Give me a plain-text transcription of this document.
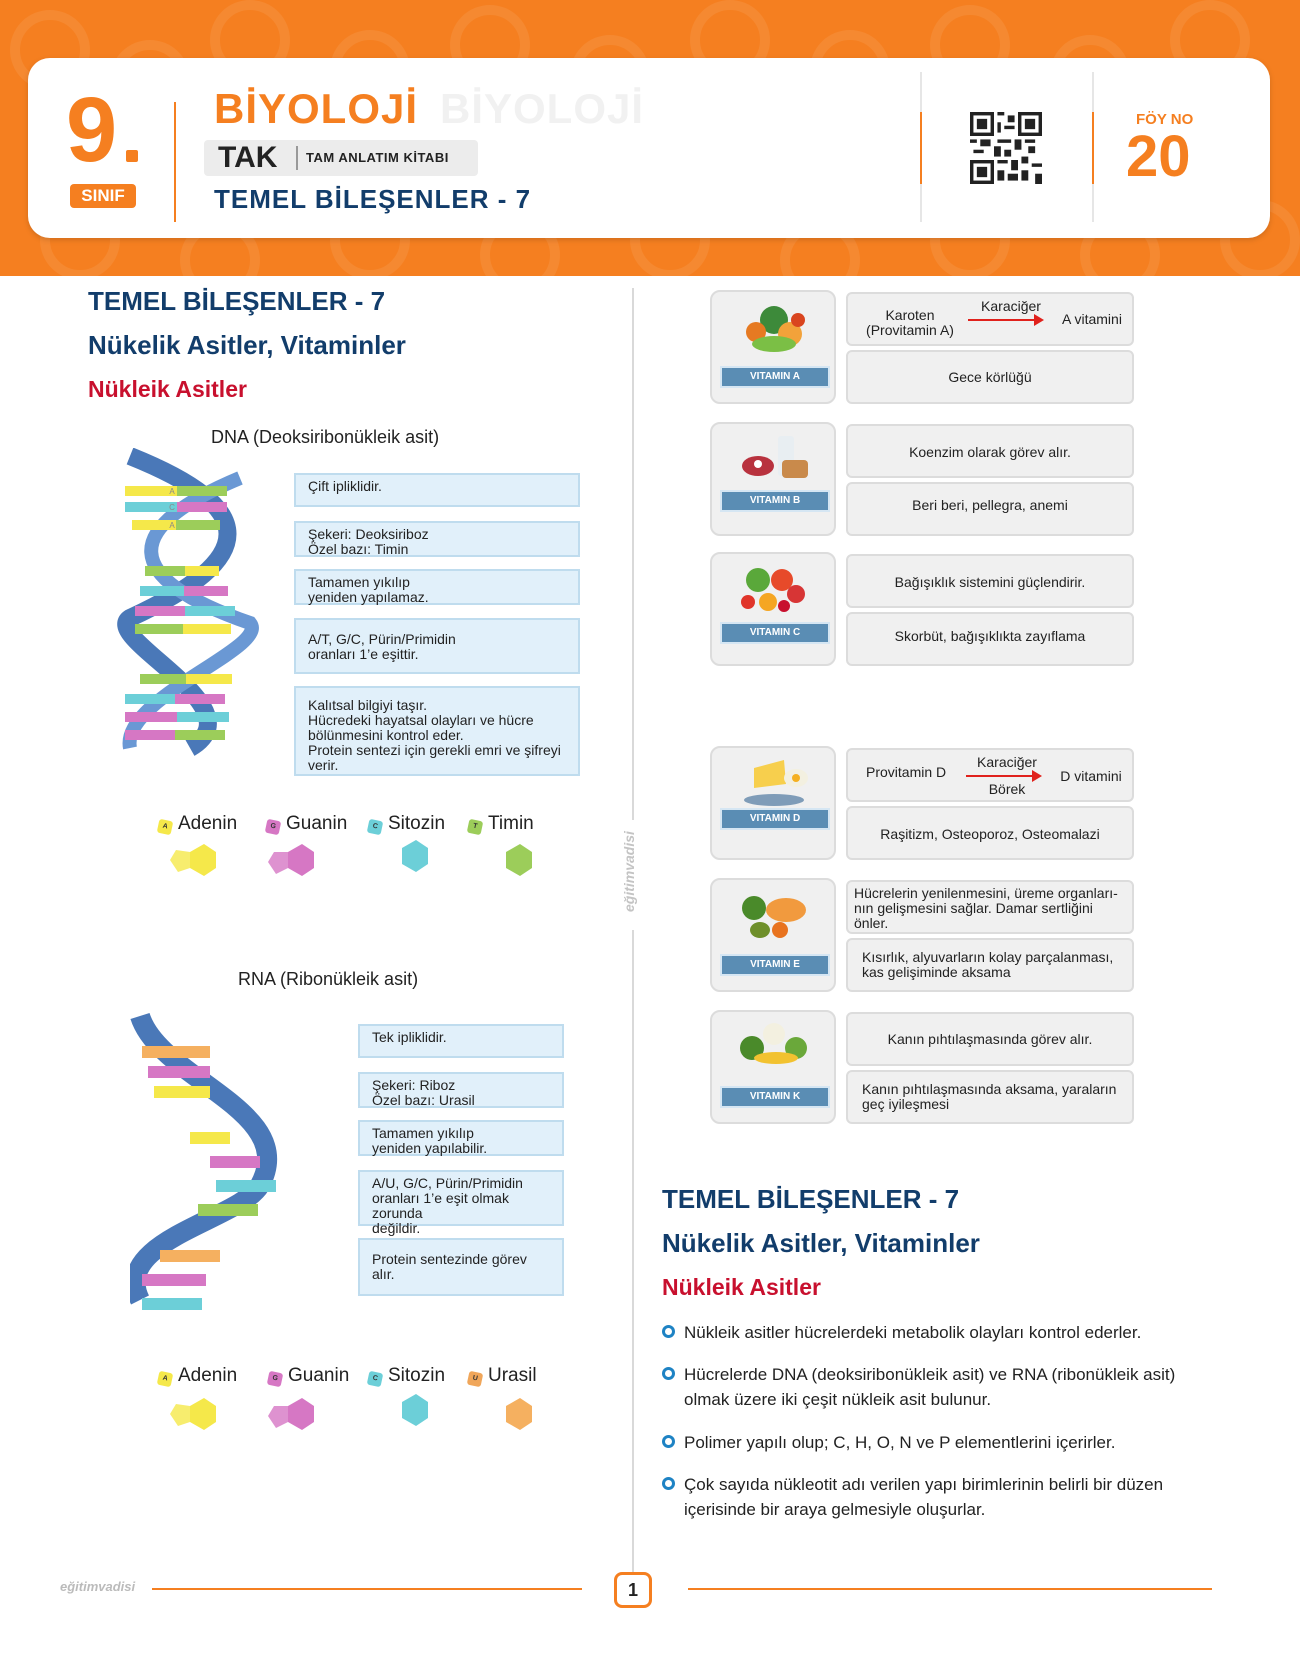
9
SINIF
BİYOLOJİ
BİYOLOJİ
TAK TAM ANLATIM KİTABI
TEMEL BİLEŞENLER - 7
FÖY NO
20
TEMEL BİLEŞENLER - 7
Nükelik Asitler, Vitaminler
Nükleik Asitler
DNA (Deoksiribonükleik asit)
A
C
A
Çift ipliklidir.
Şekeri: Deoksiriboz
Özel bazı: Timin
Tamamen yıkılıp
yeniden yapılamaz.
A/T, G/C, Pürin/Primidin
oranları 1’e eşittir.
Kalıtsal bilgiyi taşır.
Hücredeki hayatsal olayları ve hücre
bölünmesini kontrol eder.
Protein sentezi için gerekli emri ve şifreyi
verir.
A Adenin	G Guanin	C Sitozin	T Timin
RNA (Ribonükleik asit)
Tek ipliklidir.
Şekeri: Riboz
Özel bazı: Urasil
Tamamen yıkılıp
yeniden yapılabilir.
A/U, G/C, Pürin/Primidin
oranları 1’e eşit olmak zorunda
değildir.
Protein sentezinde görev
alır.
A Adenin	G Guanin	C Sitozin	U Urasil
eğitimvadisi
VITAMIN A
Karoten
(Provitamin A)
Karaciğer
A vitamini
Gece körlüğü
VITAMIN B
Koenzim olarak görev alır.
Beri beri, pellegra, anemi
VITAMIN C
Bağışıklık sistemini güçlendirir.
Skorbüt, bağışıklıkta zayıflama
VITAMIN D
Provitamin D
Karaciğer
Börek
D vitamini
Raşitizm, Osteoporoz, Osteomalazi
VITAMIN E
Hücrelerin yenilenmesini, üreme organları-
nın gelişmesini sağlar. Damar sertliğini
önler.
Kısırlık, alyuvarların kolay parçalanması,
kas gelişiminde aksama
VITAMIN K
Kanın pıhtılaşmasında görev alır.
Kanın pıhtılaşmasında aksama, yaraların
geç iyileşmesi
TEMEL BİLEŞENLER - 7
Nükelik Asitler, Vitaminler
Nükleik Asitler
Nükleik asitler hücrelerdeki metabolik olayları kontrol ederler.
Hücrelerde DNA (deoksiribonükleik asit) ve RNA (ribonükleik asit) olmak üzere iki çeşit nükleik asit bulunur.
Polimer yapılı olup; C, H, O, N ve P elementlerini içerirler.
Çok sayıda nükleotit adı verilen yapı birimlerinin belirli bir düzen içerisinde bir araya gelmesiyle oluşurlar.
eğitimvadisi	1
